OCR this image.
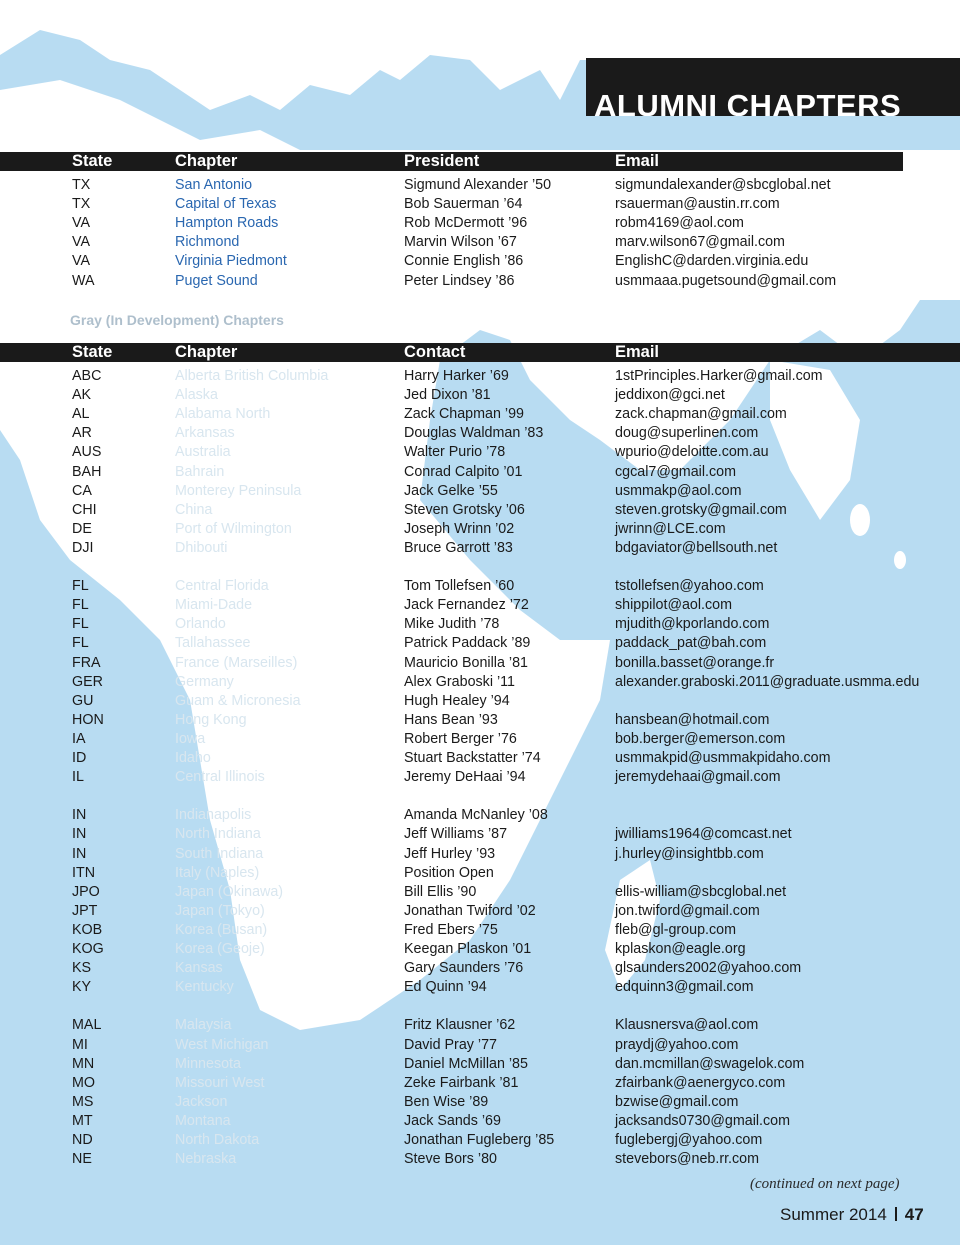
ALUMNI CHAPTERS
State	Chapter	President	Email
TX	San Antonio	Sigmund Alexander ’50	sigmundalexander@sbcglobal.net
TX	Capital of Texas	Bob Sauerman ’64	rsauerman@austin.rr.com
VA	Hampton Roads	Rob McDermott ’96	robm4169@aol.com
VA	Richmond	Marvin Wilson ’67	marv.wilson67@gmail.com
VA	Virginia Piedmont	Connie English ’86	EnglishC@darden.virginia.edu
WA	Puget Sound	Peter Lindsey ’86	usmmaaa.pugetsound@gmail.com
Gray (In Development) Chapters
State	Chapter	Contact	Email
ABC	Alberta British Columbia	Harry Harker ’69	1stPrinciples.Harker@gmail.com
AK	Alaska	Jed Dixon ’81	jeddixon@gci.net
AL	Alabama North	Zack Chapman ’99	zack.chapman@gmail.com
AR	Arkansas	Douglas Waldman ’83	doug@superlinen.com
AUS	Australia	Walter Purio ’78	wpurio@deloitte.com.au
BAH	Bahrain	Conrad Calpito ’01	cgcal7@gmail.com
CA	Monterey Peninsula	Jack Gelke ’55	usmmakp@aol.com
CHI	China	Steven Grotsky ’06	steven.grotsky@gmail.com
DE	Port of Wilmington	Joseph Wrinn ’02	jwrinn@LCE.com
DJI	Dhibouti	Bruce Garrott ’83	bdgaviator@bellsouth.net
FL	Central Florida	Tom Tollefsen ’60	tstollefsen@yahoo.com
FL	Miami-Dade	Jack Fernandez ’72	shippilot@aol.com
FL	Orlando	Mike Judith ’78	mjudith@kporlando.com
FL	Tallahassee	Patrick Paddack ’89	paddack_pat@bah.com
FRA	France (Marseilles)	Mauricio Bonilla ’81	bonilla.basset@orange.fr
GER	Germany	Alex Graboski ’11	alexander.graboski.2011@graduate.usmma.edu
GU	Guam & Micronesia	Hugh Healey ’94
HON	Hong Kong	Hans Bean ’93	hansbean@hotmail.com
IA	Iowa	Robert Berger ’76	bob.berger@emerson.com
ID	Idaho	Stuart Backstatter ’74	usmmakpid@usmmakpidaho.com
IL	Central Illinois	Jeremy DeHaai ’94	jeremydehaai@gmail.com
IN	Indianapolis	Amanda McNanley ’08
IN	North Indiana	Jeff Williams ’87	jwilliams1964@comcast.net
IN	South Indiana	Jeff Hurley ’93	j.hurley@insightbb.com
ITN	Italy (Naples)	Position Open
JPO	Japan (Okinawa)	Bill Ellis ’90	ellis-william@sbcglobal.net
JPT	Japan (Tokyo)	Jonathan Twiford ’02	jon.twiford@gmail.com
KOB	Korea (Busan)	Fred Ebers ’75	fleb@gl-group.com
KOG	Korea (Geoje)	Keegan Plaskon ’01	kplaskon@eagle.org
KS	Kansas	Gary Saunders ’76	glsaunders2002@yahoo.com
KY	Kentucky	Ed Quinn ’94	edquinn3@gmail.com
MAL	Malaysia	Fritz Klausner ’62	Klausnersva@aol.com
MI	West Michigan	David Pray ’77	praydj@yahoo.com
MN	Minnesota	Daniel McMillan ’85	dan.mcmillan@swagelok.com
MO	Missouri West	Zeke Fairbank ’81	zfairbank@aenergyco.com
MS	Jackson	Ben Wise ’89	bzwise@gmail.com
MT	Montana	Jack Sands ’69	jacksands0730@gmail.com
ND	North Dakota	Jonathan Fugleberg ’85	fuglebergj@yahoo.com
NE	Nebraska	Steve Bors ’80	stevebors@neb.rr.com
(continued on next page)
Summer 2014 47
